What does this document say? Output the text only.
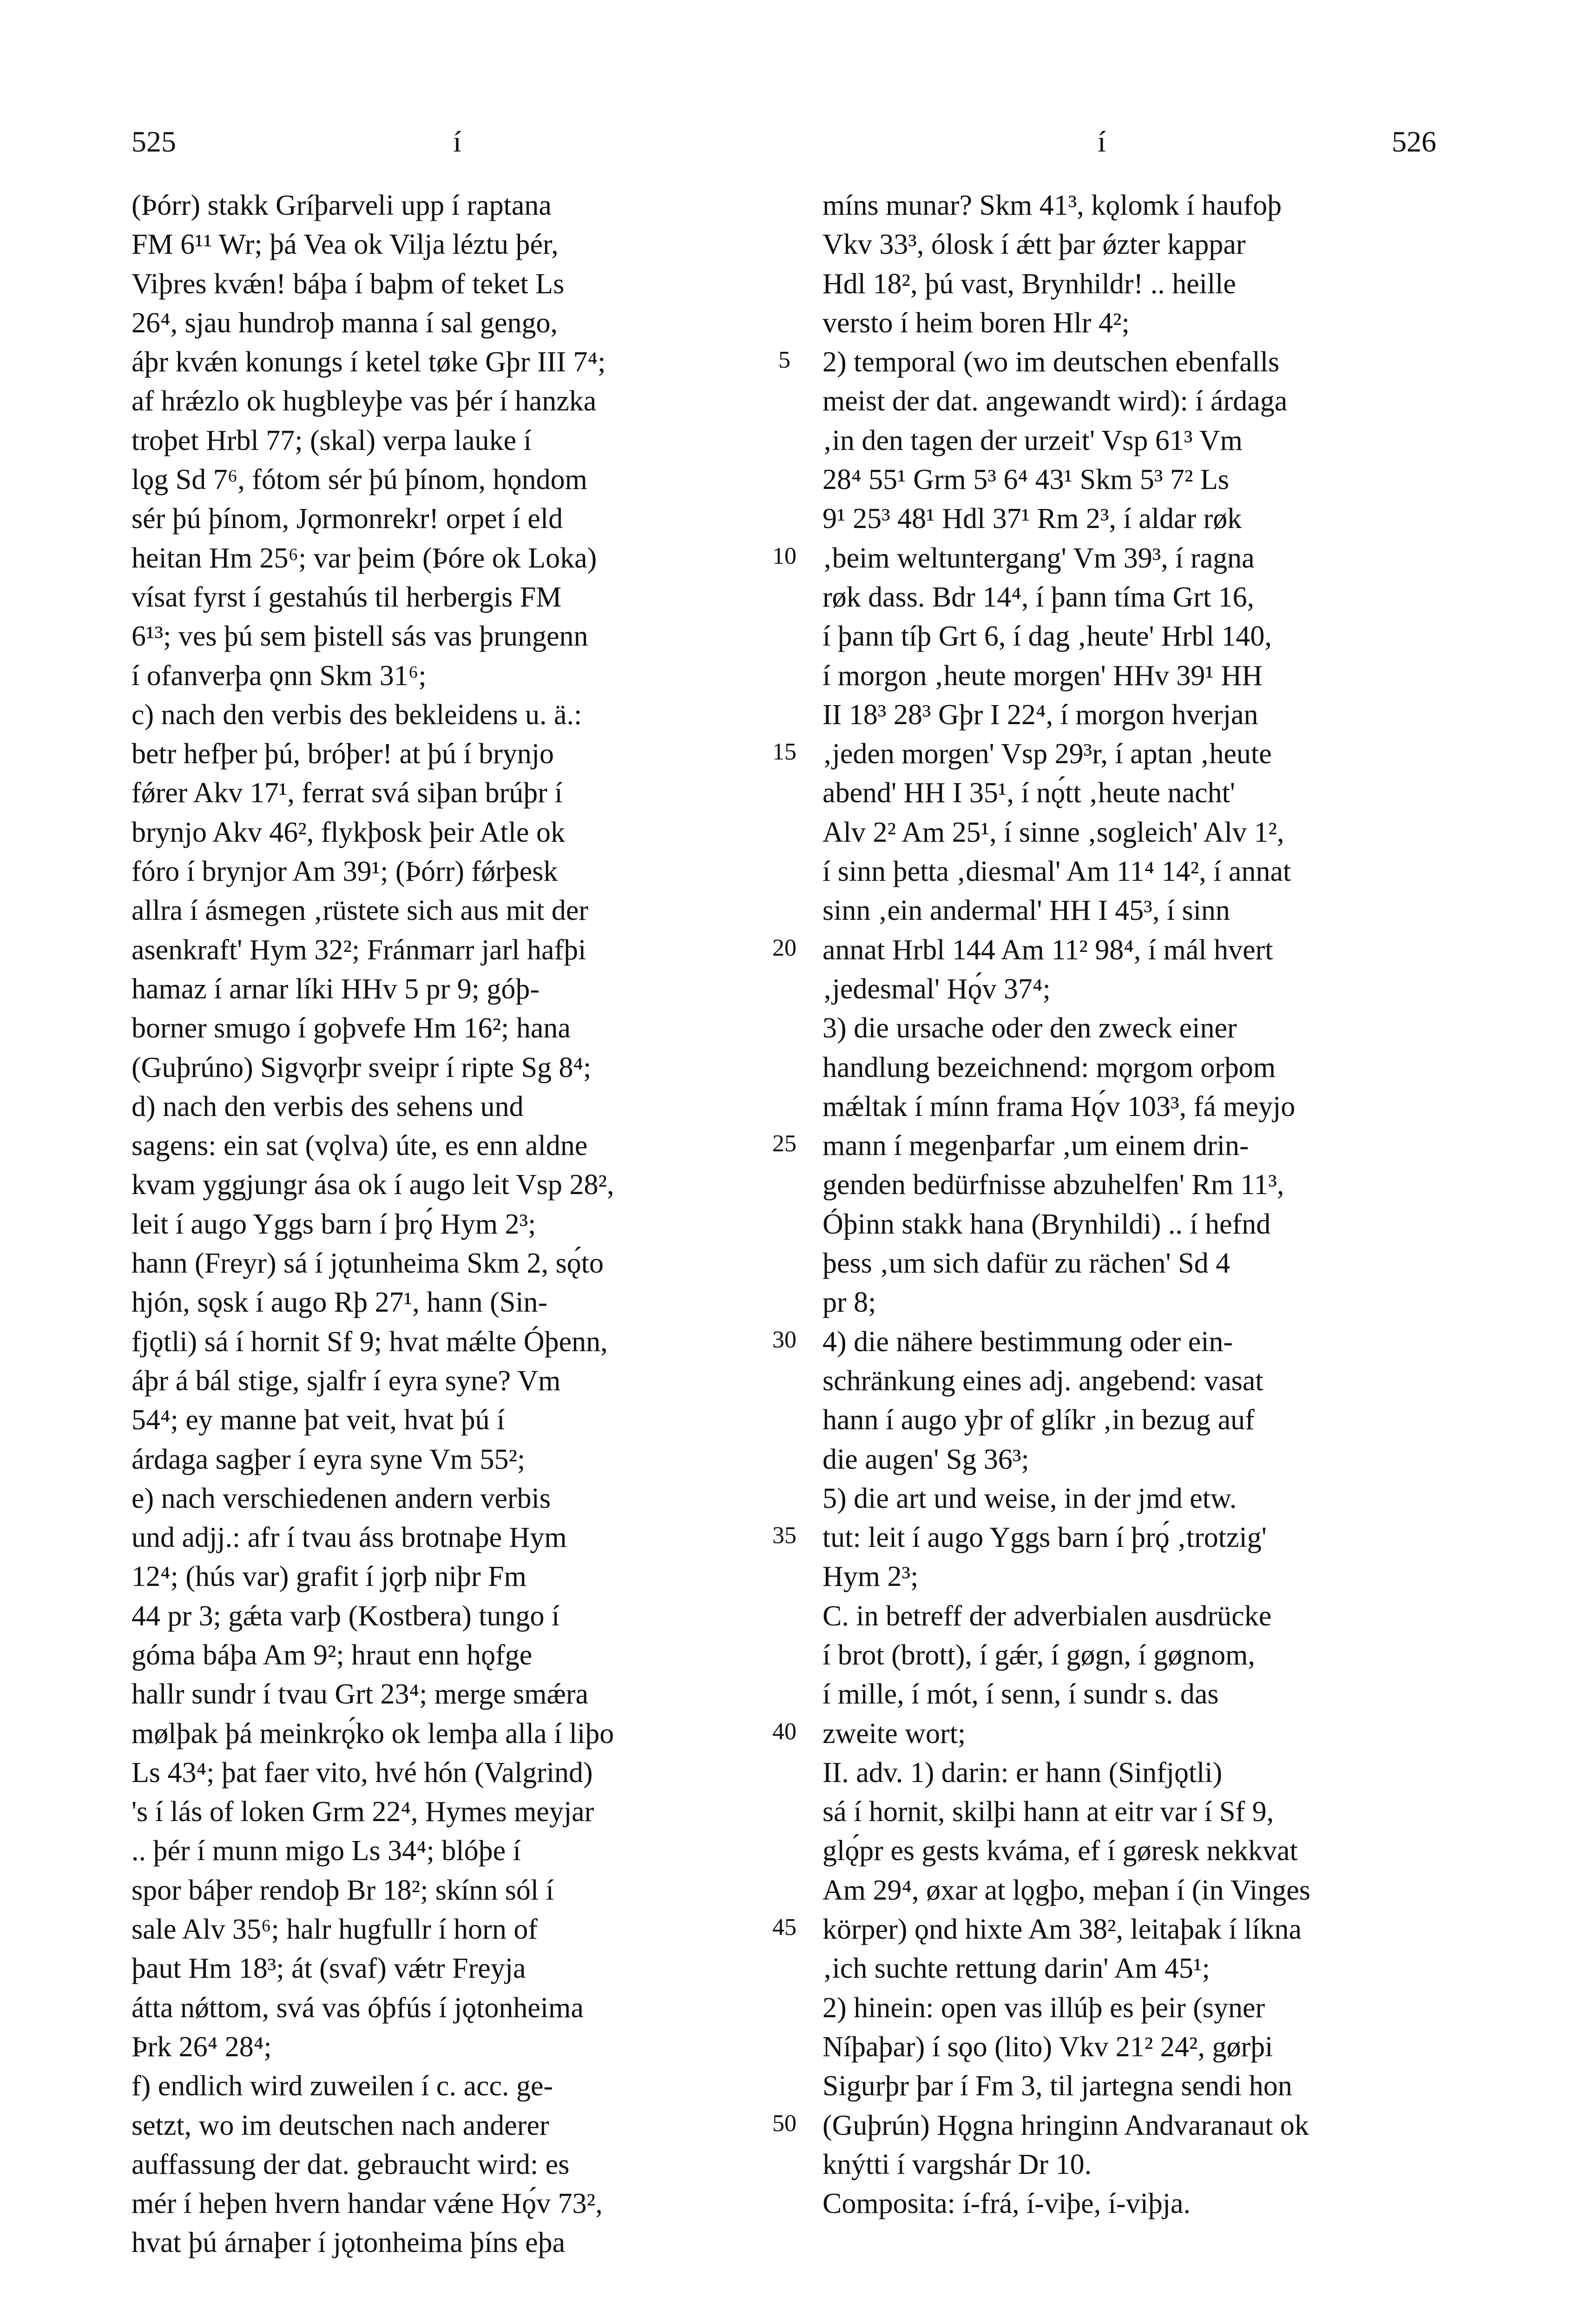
525	í	í	526
(Þórr) stakk Gríþarveli upp í raptana
FM 6¹¹ Wr; þá Vea ok Vilja léztu þér,
Viþres kvǽn! báþa í baþm of teket Ls
26⁴, sjau hundroþ manna í sal gengo,
áþr kvǽn konungs í ketel tøke Gþr III 7⁴;
af hrǽzlo ok hugbleyþe vas þér í hanzka
troþet Hrbl 77; (skal) verpa lauke í
lǫg Sd 7⁶, fótom sér þú þínom, hǫndom
sér þú þínom, Jǫrmonrekr! orpet í eld
heitan Hm 25⁶; var þeim (Þóre ok Loka)
vísat fyrst í gestahús til herbergis FM
6¹³; ves þú sem þistell sás vas þrungenn
í ofanverþa ǫnn Skm 31⁶;
c) nach den verbis des bekleidens u. ä.:
betr hefþer þú, bróþer! at þú í brynjo
fǿrer Akv 17¹, ferrat svá siþan brúþr í
brynjo Akv 46², flykþosk þeir Atle ok
fóro í brynjor Am 39¹; (Þórr) fǿrþesk
allra í ásmegen ‚rüstete sich aus mit der
asenkraft' Hym 32²; Fránmarr jarl hafþi
hamaz í arnar líki HHv 5 pr 9; góþ-
borner smugo í goþvefe Hm 16²; hana
(Guþrúno) Sigvǫrþr sveipr í ripte Sg 8⁴;
d) nach den verbis des sehens und
sagens: ein sat (vǫlva) úte, es enn aldne
kvam yggjungr ása ok í augo leit Vsp 28²,
leit í augo Yggs barn í þrǫ́ Hym 2³;
hann (Freyr) sá í jǫtunheima Skm 2, sǫ́to
hjón, sǫsk í augo Rþ 27¹, hann (Sin-
fjǫtli) sá í hornit Sf 9; hvat mǽlte Óþenn,
áþr á bál stige, sjalfr í eyra syne? Vm
54⁴; ey manne þat veit, hvat þú í
árdaga sagþer í eyra syne Vm 55²;
e) nach verschiedenen andern verbis
und adjj.: afr í tvau áss brotnaþe Hym
12⁴; (hús var) grafit í jǫrþ niþr Fm
44 pr 3; gǽta varþ (Kostbera) tungo í
góma báþa Am 9²; hraut enn hǫfge
hallr sundr í tvau Grt 23⁴; merge smǽra
mølþak þá meinkrǫ́ko ok lemþa alla í liþo
Ls 43⁴; þat faer vito, hvé hón (Valgrind)
's í lás of loken Grm 22⁴, Hymes meyjar
.. þér í munn migo Ls 34⁴; blóþe í
spor báþer rendoþ Br 18²; skínn sól í
sale Alv 35⁶; halr hugfullr í horn of
þaut Hm 18³; át (svaf) vǽtr Freyja
átta nǿttom, svá vas óþfús í jǫtonheima
Þrk 26⁴ 28⁴;
f) endlich wird zuweilen í c. acc. ge-
setzt, wo im deutschen nach anderer
auffassung der dat. gebraucht wird: es
mér í heþen hvern handar vǽne Hǫ́v 73²,
hvat þú árnaþer í jǫtonheima þíns eþa
míns munar? Skm 41³, kǫlomk í haufoþ
Vkv 33³, ólosk í ǽtt þar ǿzter kappar
Hdl 18², þú vast, Brynhildr! .. heille
versto í heim boren Hlr 4²;
2) temporal (wo im deutschen ebenfalls
meist der dat. angewandt wird): í árdaga
‚in den tagen der urzeit' Vsp 61³ Vm
28⁴ 55¹ Grm 5³ 6⁴ 43¹ Skm 5³ 7² Ls
9¹ 25³ 48¹ Hdl 37¹ Rm 2³, í aldar røk
‚beim weltuntergang' Vm 39³, í ragna
røk dass. Bdr 14⁴, í þann tíma Grt 16,
í þann tíþ Grt 6, í dag ‚heute' Hrbl 140,
í morgon ‚heute morgen' HHv 39¹ HH
II 18³ 28³ Gþr I 22⁴, í morgon hverjan
‚jeden morgen' Vsp 29³r, í aptan ‚heute
abend' HH I 35¹, í nǫ́tt ‚heute nacht'
Alv 2² Am 25¹, í sinne ‚sogleich' Alv 1²,
í sinn þetta ‚diesmal' Am 11⁴ 14², í annat
sinn ‚ein andermal' HH I 45³, í sinn
annat Hrbl 144 Am 11² 98⁴, í mál hvert
‚jedesmal' Hǫ́v 37⁴;
3) die ursache oder den zweck einer
handlung bezeichnend: mǫrgom orþom
mǽltak í mínn frama Hǫ́v 103³, fá meyjo
mann í megenþarfar ‚um einem drin-
genden bedürfnisse abzuhelfen' Rm 11³,
Óþinn stakk hana (Brynhildi) .. í hefnd
þess ‚um sich dafür zu rächen' Sd 4
pr 8;
4) die nähere bestimmung oder ein-
schränkung eines adj. angebend: vasat
hann í augo yþr of glíkr ‚in bezug auf
die augen' Sg 36³;
5) die art und weise, in der jmd etw.
tut: leit í augo Yggs barn í þrǫ́ ‚trotzig'
Hym 2³;
C. in betreff der adverbialen ausdrücke
í brot (brott), í gǽr, í gøgn, í gøgnom,
í mille, í mót, í senn, í sundr s. das
zweite wort;
II. adv. 1) darin: er hann (Sinfjǫtli)
sá í hornit, skilþi hann at eitr var í Sf 9,
glǫ́pr es gests kváma, ef í gøresk nekkvat
Am 29⁴, øxar at lǫgþo, meþan í (in Vinges
körper) ǫnd hixte Am 38², leitaþak í líkna
‚ich suchte rettung darin' Am 45¹;
2) hinein: open vas illúþ es þeir (syner
Níþaþar) í sǫo (lito) Vkv 21² 24², gørþi
Sigurþr þar í Fm 3, til jartegna sendi hon
(Guþrún) Hǫgna hringinn Andvaranaut ok
knýtti í vargshár Dr 10.
Composita: í-frá, í-viþe, í-viþja.
5
10
15
20
25
30
35
40
45
50
